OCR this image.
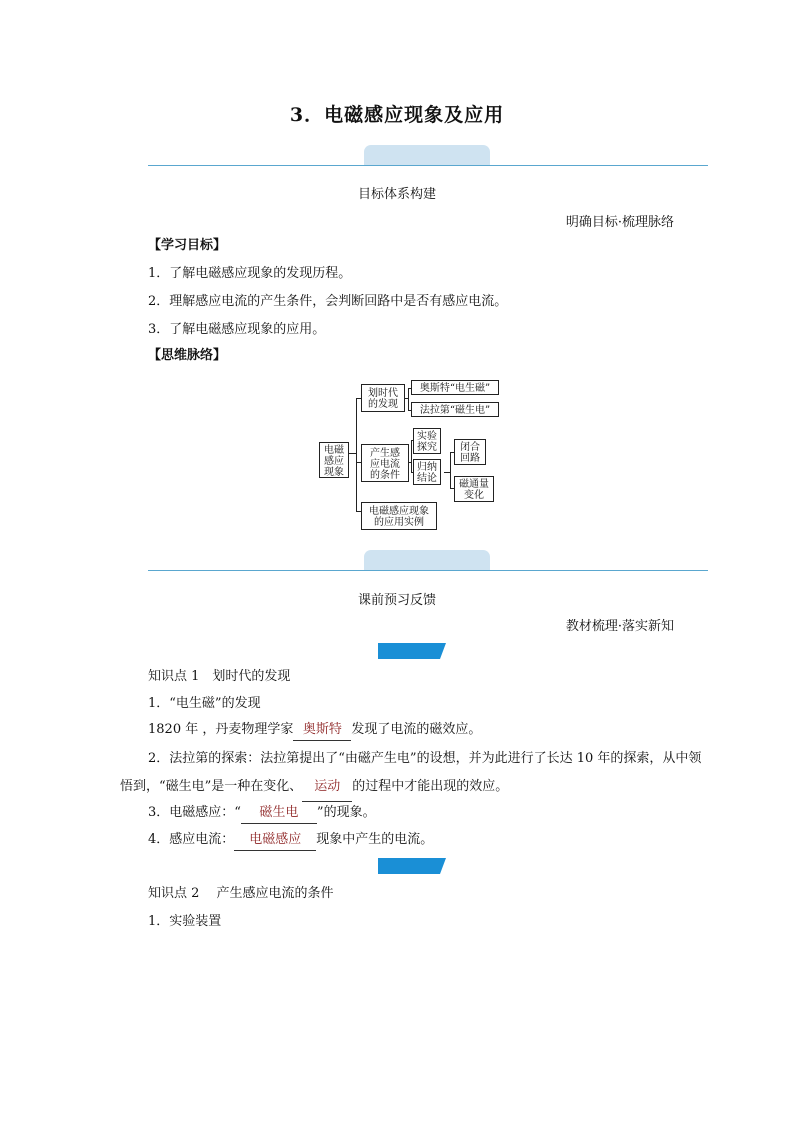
3．电磁感应现象及应用
目标体系构建
明确目标·梳理脉络
【学习目标】
1．了解电磁感应现象的发现历程。
2．理解感应电流的产生条件，会判断回路中是否有感应电流。
3．了解电磁感应现象的应用。
【思维脉络】
电磁感应现象
划时代的发现
奥斯特“电生磁”
法拉第“磁生电”
产生感应电流的条件
实验探究
归纳结论
闭合回路
磁通量变化
电磁感应现象的应用实例
课前预习反馈
教材梳理·落实新知
知识点 1　划时代的发现
1．“电生磁”的发现
1820 年 ，丹麦物理学家 奥斯特 发现了电流的磁效应。
2．法拉第的探索：法拉第提出了“由磁产生电”的设想，并为此进行了长达 10 年的探索，从中领悟到，“磁生电”是一种在变化、 运动 的过程中才能出现的效应。
3．电磁感应：“ 磁生电 ”的现象。
4．感应电流： 电磁感应 现象中产生的电流。
知识点 2　 产生感应电流的条件
1．实验装置
